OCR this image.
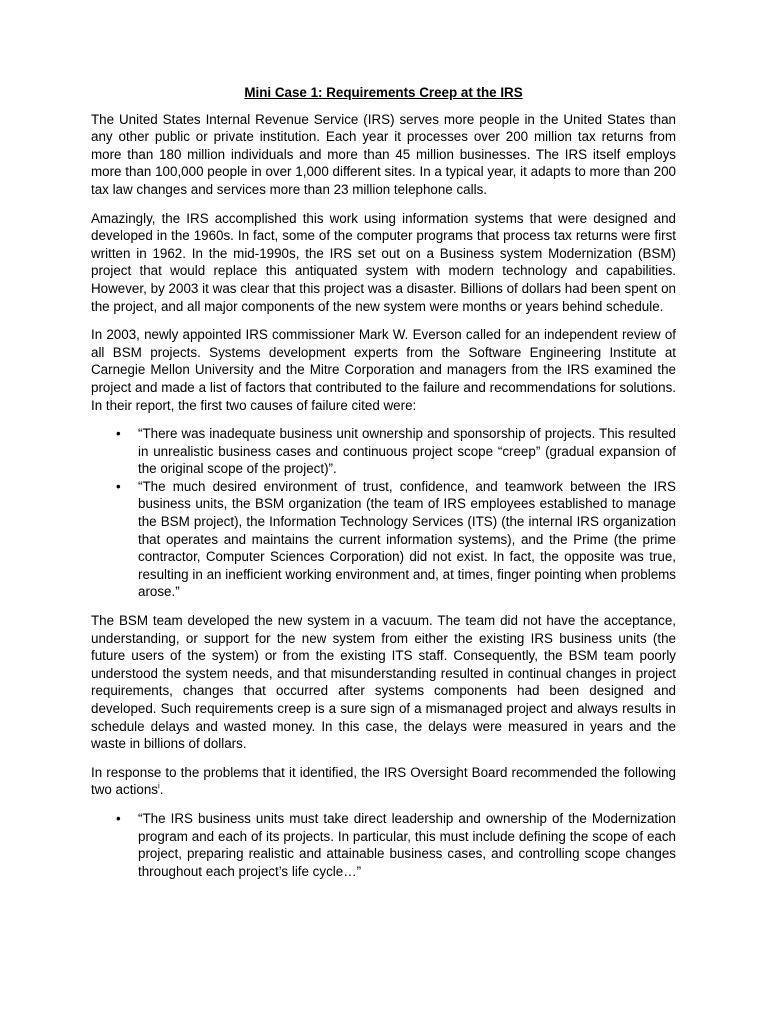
Mini Case 1: Requirements Creep at the IRS

The United States Internal Revenue Service (IRS) serves more people in the United States than any other public or private institution. Each year it processes over 200 million tax returns from more than 180 million individuals and more than 45 million businesses. The IRS itself employs more than 100,000 people in over 1,000 different sites. In a typical year, it adapts to more than 200 tax law changes and services more than 23 million telephone calls.

Amazingly, the IRS accomplished this work using information systems that were designed and developed in the 1960s. In fact, some of the computer programs that process tax returns were first written in 1962. In the mid-1990s, the IRS set out on a Business system Modernization (BSM) project that would replace this antiquated system with modern technology and capabilities. However, by 2003 it was clear that this project was a disaster. Billions of dollars had been spent on the project, and all major components of the new system were months or years behind schedule.

In 2003, newly appointed IRS commissioner Mark W. Everson called for an independent review of all BSM projects. Systems development experts from the Software Engineering Institute at Carnegie Mellon University and the Mitre Corporation and managers from the IRS examined the project and made a list of factors that contributed to the failure and recommendations for solutions. In their report, the first two causes of failure cited were:

• “There was inadequate business unit ownership and sponsorship of projects. This resulted in unrealistic business cases and continuous project scope “creep” (gradual expansion of the original scope of the project)”.
• “The much desired environment of trust, confidence, and teamwork between the IRS business units, the BSM organization (the team of IRS employees established to manage the BSM project), the Information Technology Services (ITS) (the internal IRS organization that operates and maintains the current information systems), and the Prime (the prime contractor, Computer Sciences Corporation) did not exist. In fact, the opposite was true, resulting in an inefficient working environment and, at times, finger pointing when problems arose.”

The BSM team developed the new system in a vacuum. The team did not have the acceptance, understanding, or support for the new system from either the existing IRS business units (the future users of the system) or from the existing ITS staff. Consequently, the BSM team poorly understood the system needs, and that misunderstanding resulted in continual changes in project requirements, changes that occurred after systems components had been designed and developed. Such requirements creep is a sure sign of a mismanaged project and always results in schedule delays and wasted money. In this case, the delays were measured in years and the waste in billions of dollars.

In response to the problems that it identified, the IRS Oversight Board recommended the following two actions$^i$.

• “The IRS business units must take direct leadership and ownership of the Modernization program and each of its projects. In particular, this must include defining the scope of each project, preparing realistic and attainable business cases, and controlling scope changes throughout each project’s life cycle…”
